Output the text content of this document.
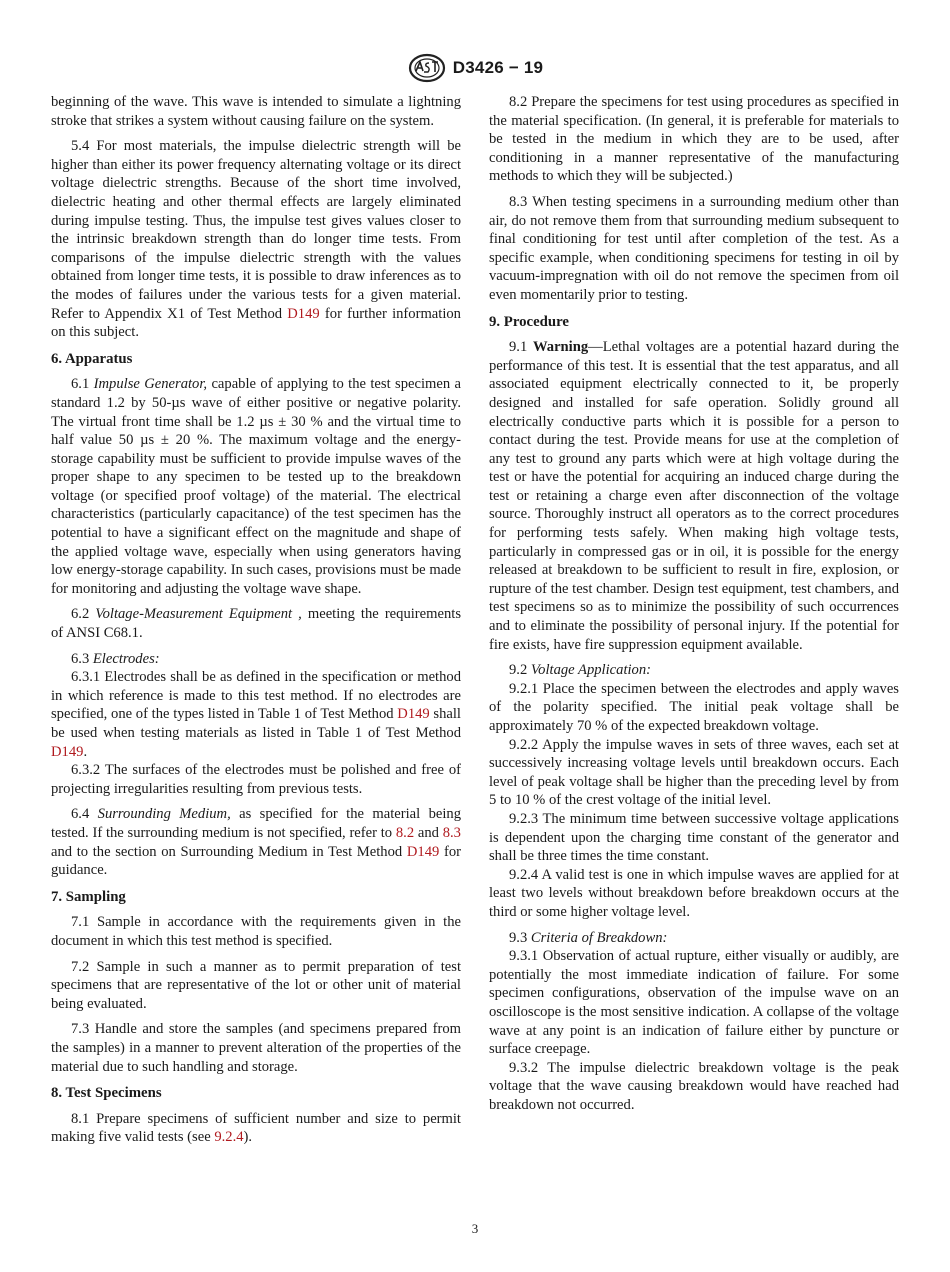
D3426 − 19

beginning of the wave. This wave is intended to simulate a lightning stroke that strikes a system without causing failure on the system.

5.4 For most materials, the impulse dielectric strength will be higher than either its power frequency alternating voltage or its direct voltage dielectric strengths. Because of the short time involved, dielectric heating and other thermal effects are largely eliminated during impulse testing. Thus, the impulse test gives values closer to the intrinsic breakdown strength than do longer time tests. From comparisons of the impulse dielectric strength with the values obtained from longer time tests, it is possible to draw inferences as to the modes of failures under the various tests for a given material. Refer to Appendix X1 of Test Method D149 for further information on this subject.

6. Apparatus

6.1 Impulse Generator, capable of applying to the test specimen a standard 1.2 by 50-µs wave of either positive or negative polarity. The virtual front time shall be 1.2 µs ± 30 % and the virtual time to half value 50 µs ± 20 %. The maximum voltage and the energy-storage capability must be sufficient to provide impulse waves of the proper shape to any specimen to be tested up to the breakdown voltage (or specified proof voltage) of the material. The electrical characteristics (particularly capacitance) of the test specimen has the potential to have a significant effect on the magnitude and shape of the applied voltage wave, especially when using generators having low energy-storage capability. In such cases, provisions must be made for monitoring and adjusting the voltage wave shape.

6.2 Voltage-Measurement Equipment , meeting the requirements of ANSI C68.1.

6.3 Electrodes:

6.3.1 Electrodes shall be as defined in the specification or method in which reference is made to this test method. If no electrodes are specified, one of the types listed in Table 1 of Test Method D149 shall be used when testing materials as listed in Table 1 of Test Method D149.

6.3.2 The surfaces of the electrodes must be polished and free of projecting irregularities resulting from previous tests.

6.4 Surrounding Medium, as specified for the material being tested. If the surrounding medium is not specified, refer to 8.2 and 8.3 and to the section on Surrounding Medium in Test Method D149 for guidance.

7. Sampling

7.1 Sample in accordance with the requirements given in the document in which this test method is specified.

7.2 Sample in such a manner as to permit preparation of test specimens that are representative of the lot or other unit of material being evaluated.

7.3 Handle and store the samples (and specimens prepared from the samples) in a manner to prevent alteration of the properties of the material due to such handling and storage.

8. Test Specimens

8.1 Prepare specimens of sufficient number and size to permit making five valid tests (see 9.2.4).

8.2 Prepare the specimens for test using procedures as specified in the material specification. (In general, it is preferable for materials to be tested in the medium in which they are to be used, after conditioning in a manner representative of the manufacturing methods to which they will be subjected.)

8.3 When testing specimens in a surrounding medium other than air, do not remove them from that surrounding medium subsequent to final conditioning for test until after completion of the test. As a specific example, when conditioning specimens for testing in oil by vacuum-impregnation with oil do not remove the specimen from oil even momentarily prior to testing.

9. Procedure

9.1 Warning—Lethal voltages are a potential hazard during the performance of this test. It is essential that the test apparatus, and all associated equipment electrically connected to it, be properly designed and installed for safe operation. Solidly ground all electrically conductive parts which it is possible for a person to contact during the test. Provide means for use at the completion of any test to ground any parts which were at high voltage during the test or have the potential for acquiring an induced charge during the test or retaining a charge even after disconnection of the voltage source. Thoroughly instruct all operators as to the correct procedures for performing tests safely. When making high voltage tests, particularly in compressed gas or in oil, it is possible for the energy released at breakdown to be sufficient to result in fire, explosion, or rupture of the test chamber. Design test equipment, test chambers, and test specimens so as to minimize the possibility of such occurrences and to eliminate the possibility of personal injury. If the potential for fire exists, have fire suppression equipment available.

9.2 Voltage Application:

9.2.1 Place the specimen between the electrodes and apply waves of the polarity specified. The initial peak voltage shall be approximately 70 % of the expected breakdown voltage.

9.2.2 Apply the impulse waves in sets of three waves, each set at successively increasing voltage levels until breakdown occurs. Each level of peak voltage shall be higher than the preceding level by from 5 to 10 % of the crest voltage of the initial level.

9.2.3 The minimum time between successive voltage applications is dependent upon the charging time constant of the generator and shall be three times the time constant.

9.2.4 A valid test is one in which impulse waves are applied for at least two levels without breakdown before breakdown occurs at the third or some higher voltage level.

9.3 Criteria of Breakdown:

9.3.1 Observation of actual rupture, either visually or audibly, are potentially the most immediate indication of failure. For some specimen configurations, observation of the impulse wave on an oscilloscope is the most sensitive indication. A collapse of the voltage wave at any point is an indication of failure either by puncture or surface creepage.

9.3.2 The impulse dielectric breakdown voltage is the peak voltage that the wave causing breakdown would have reached had breakdown not occurred.

3
